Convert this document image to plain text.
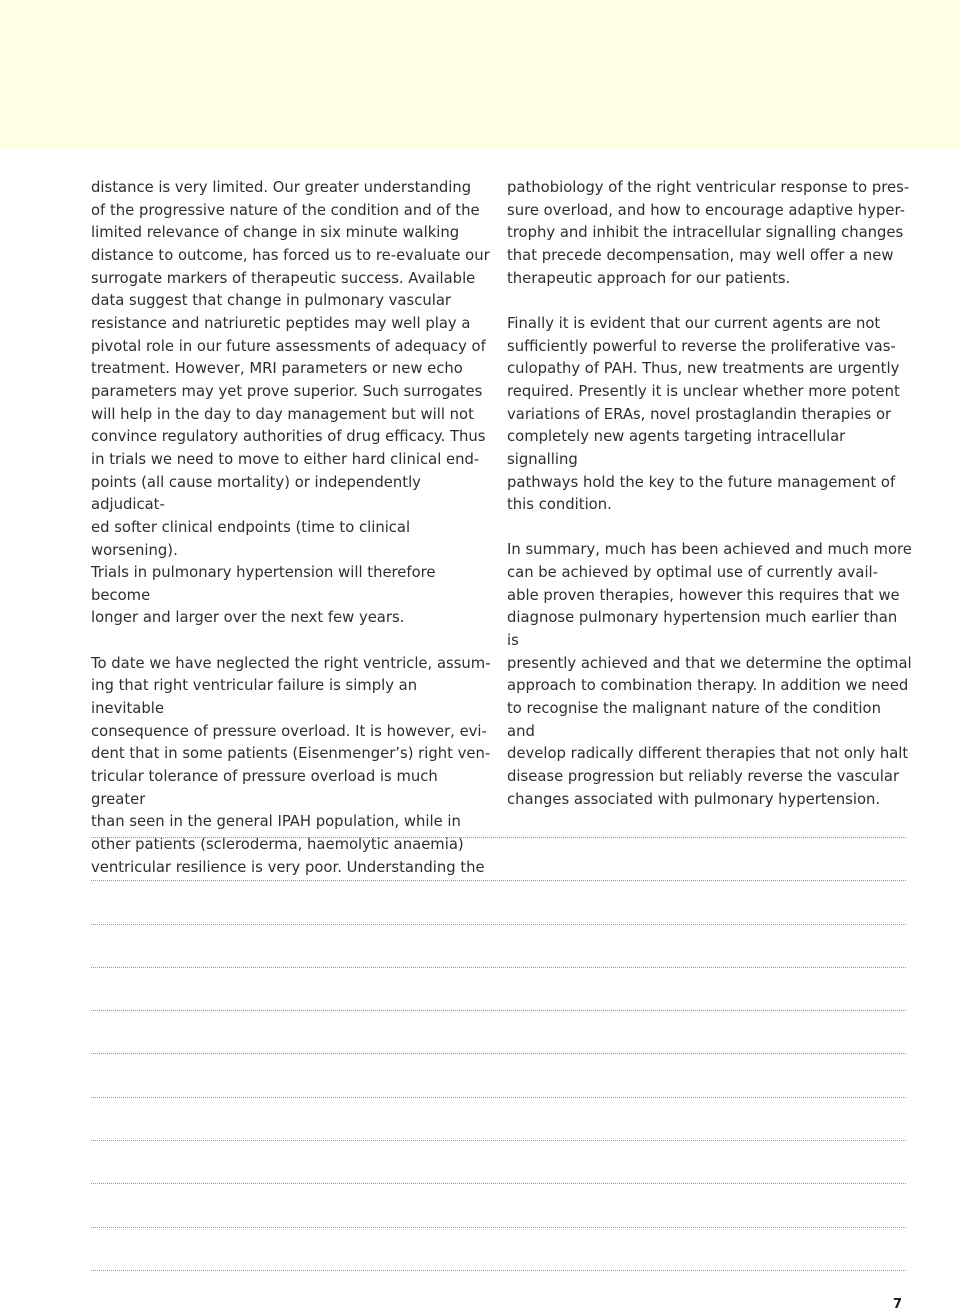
distance is very limited. Our greater understanding
of the progressive nature of the condition and of the
limited relevance of change in six minute walking
distance to outcome, has forced us to re-evaluate our
surrogate markers of therapeutic success. Available
data suggest that change in pulmonary vascular
resistance and natriuretic peptides may well play a
pivotal role in our future assessments of adequacy of
treatment. However, MRI parameters or new echo
parameters may yet prove superior. Such surrogates
will help in the day to day management but will not
convince regulatory authorities of drug efficacy. Thus
in trials we need to move to either hard clinical end-
points (all cause mortality) or independently adjudicat-
ed softer clinical endpoints (time to clinical worsening).
Trials in pulmonary hypertension will therefore become
longer and larger over the next few years.

To date we have neglected the right ventricle, assum-
ing that right ventricular failure is simply an inevitable
consequence of pressure overload. It is however, evi-
dent that in some patients (Eisenmenger’s) right ven-
tricular tolerance of pressure overload is much greater
than seen in the general IPAH population, while in
other patients (scleroderma, haemolytic anaemia)
ventricular resilience is very poor. Understanding the

pathobiology of the right ventricular response to pres-
sure overload, and how to encourage adaptive hyper-
trophy and inhibit the intracellular signalling changes
that precede decompensation, may well offer a new
therapeutic approach for our patients.

Finally it is evident that our current agents are not
sufficiently powerful to reverse the proliferative vas-
culopathy of PAH. Thus, new treatments are urgently
required. Presently it is unclear whether more potent
variations of ERAs, novel prostaglandin therapies or
completely new agents targeting intracellular signalling
pathways hold the key to the future management of
this condition.

In summary, much has been achieved and much more
can be achieved by optimal use of currently avail-
able proven therapies, however this requires that we
diagnose pulmonary hypertension much earlier than is
presently achieved and that we determine the optimal
approach to combination therapy. In addition we need
to recognise the malignant nature of the condition and
develop radically different therapies that not only halt
disease progression but reliably reverse the vascular
changes associated with pulmonary hypertension.

7
